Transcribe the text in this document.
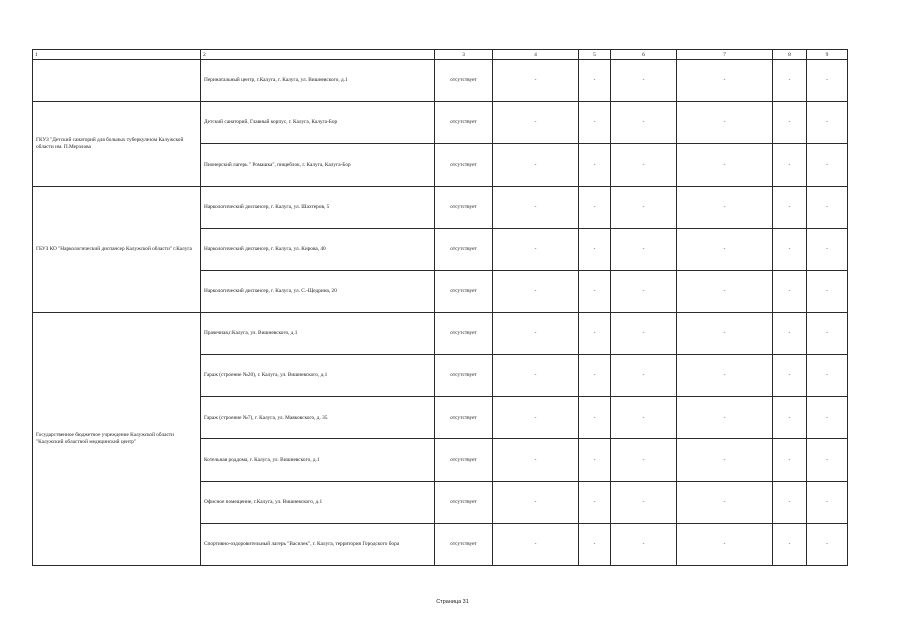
1	2	3	4	5	6	7	8	9
	Перинатальный центр, г.Калуга, г. Калуга, ул. Вишневского, д.1	отсутствует	-	-	-	-	-	-
ГКУЗ "Детский санаторий для больных туберкулезом Калужской области им. П.Мерзлова	Детский санаторий, Главный корпус, г. Калуга, Калуга-Бор	отсутствует	-	-	-	-	-	-
	Пионерский лагерь " Ромашка", пищеблок, г. Калуга, Калуга-Бор	отсутствует	-	-	-	-	-	-
ГБУЗ КО "Наркологический диспансер Калужской области" г.Калуга	Наркологический диспансер, г. Калуга, ул. Шахтеров, 5	отсутствует	-	-	-	-	-	-
	Наркологический диспансер, г. Калуга, ул. Кирова, 40	отсутствует	-	-	-	-	-	-
	Наркологический диспансер, г. Калуга, ул. С.-Щедрина, 20	отсутствует	-	-	-	-	-	-
Государственное бюджетное учреждение Калужской области "Калужский областной медицинский центр"	Прачечная,г.Калуга, ул. Вишневского, д.1	отсутствует	-	-	-	-	-	-
	Гараж (строение №20), г. Калуга, ул. Вишневского, д.1	отсутствует	-	-	-	-	-	-
	Гараж (строение №7), г. Калуга, ул. Маяковского, д. 35	отсутствует	-	-	-	-	-	-
	Котельная роддома, г. Калуга, ул. Вишневского, д.1	отсутствует	-	-	-	-	-	-
	Офисное помещение, г.Калуга, ул. Вишневского, д.1	отсутствует	-	-	-	-	-	-
	Спортивно-оздоровительный лагерь "Василек", г. Калуга, территория Городского бора	отсутствует	-	-	-	-	-	-
Страница 31
